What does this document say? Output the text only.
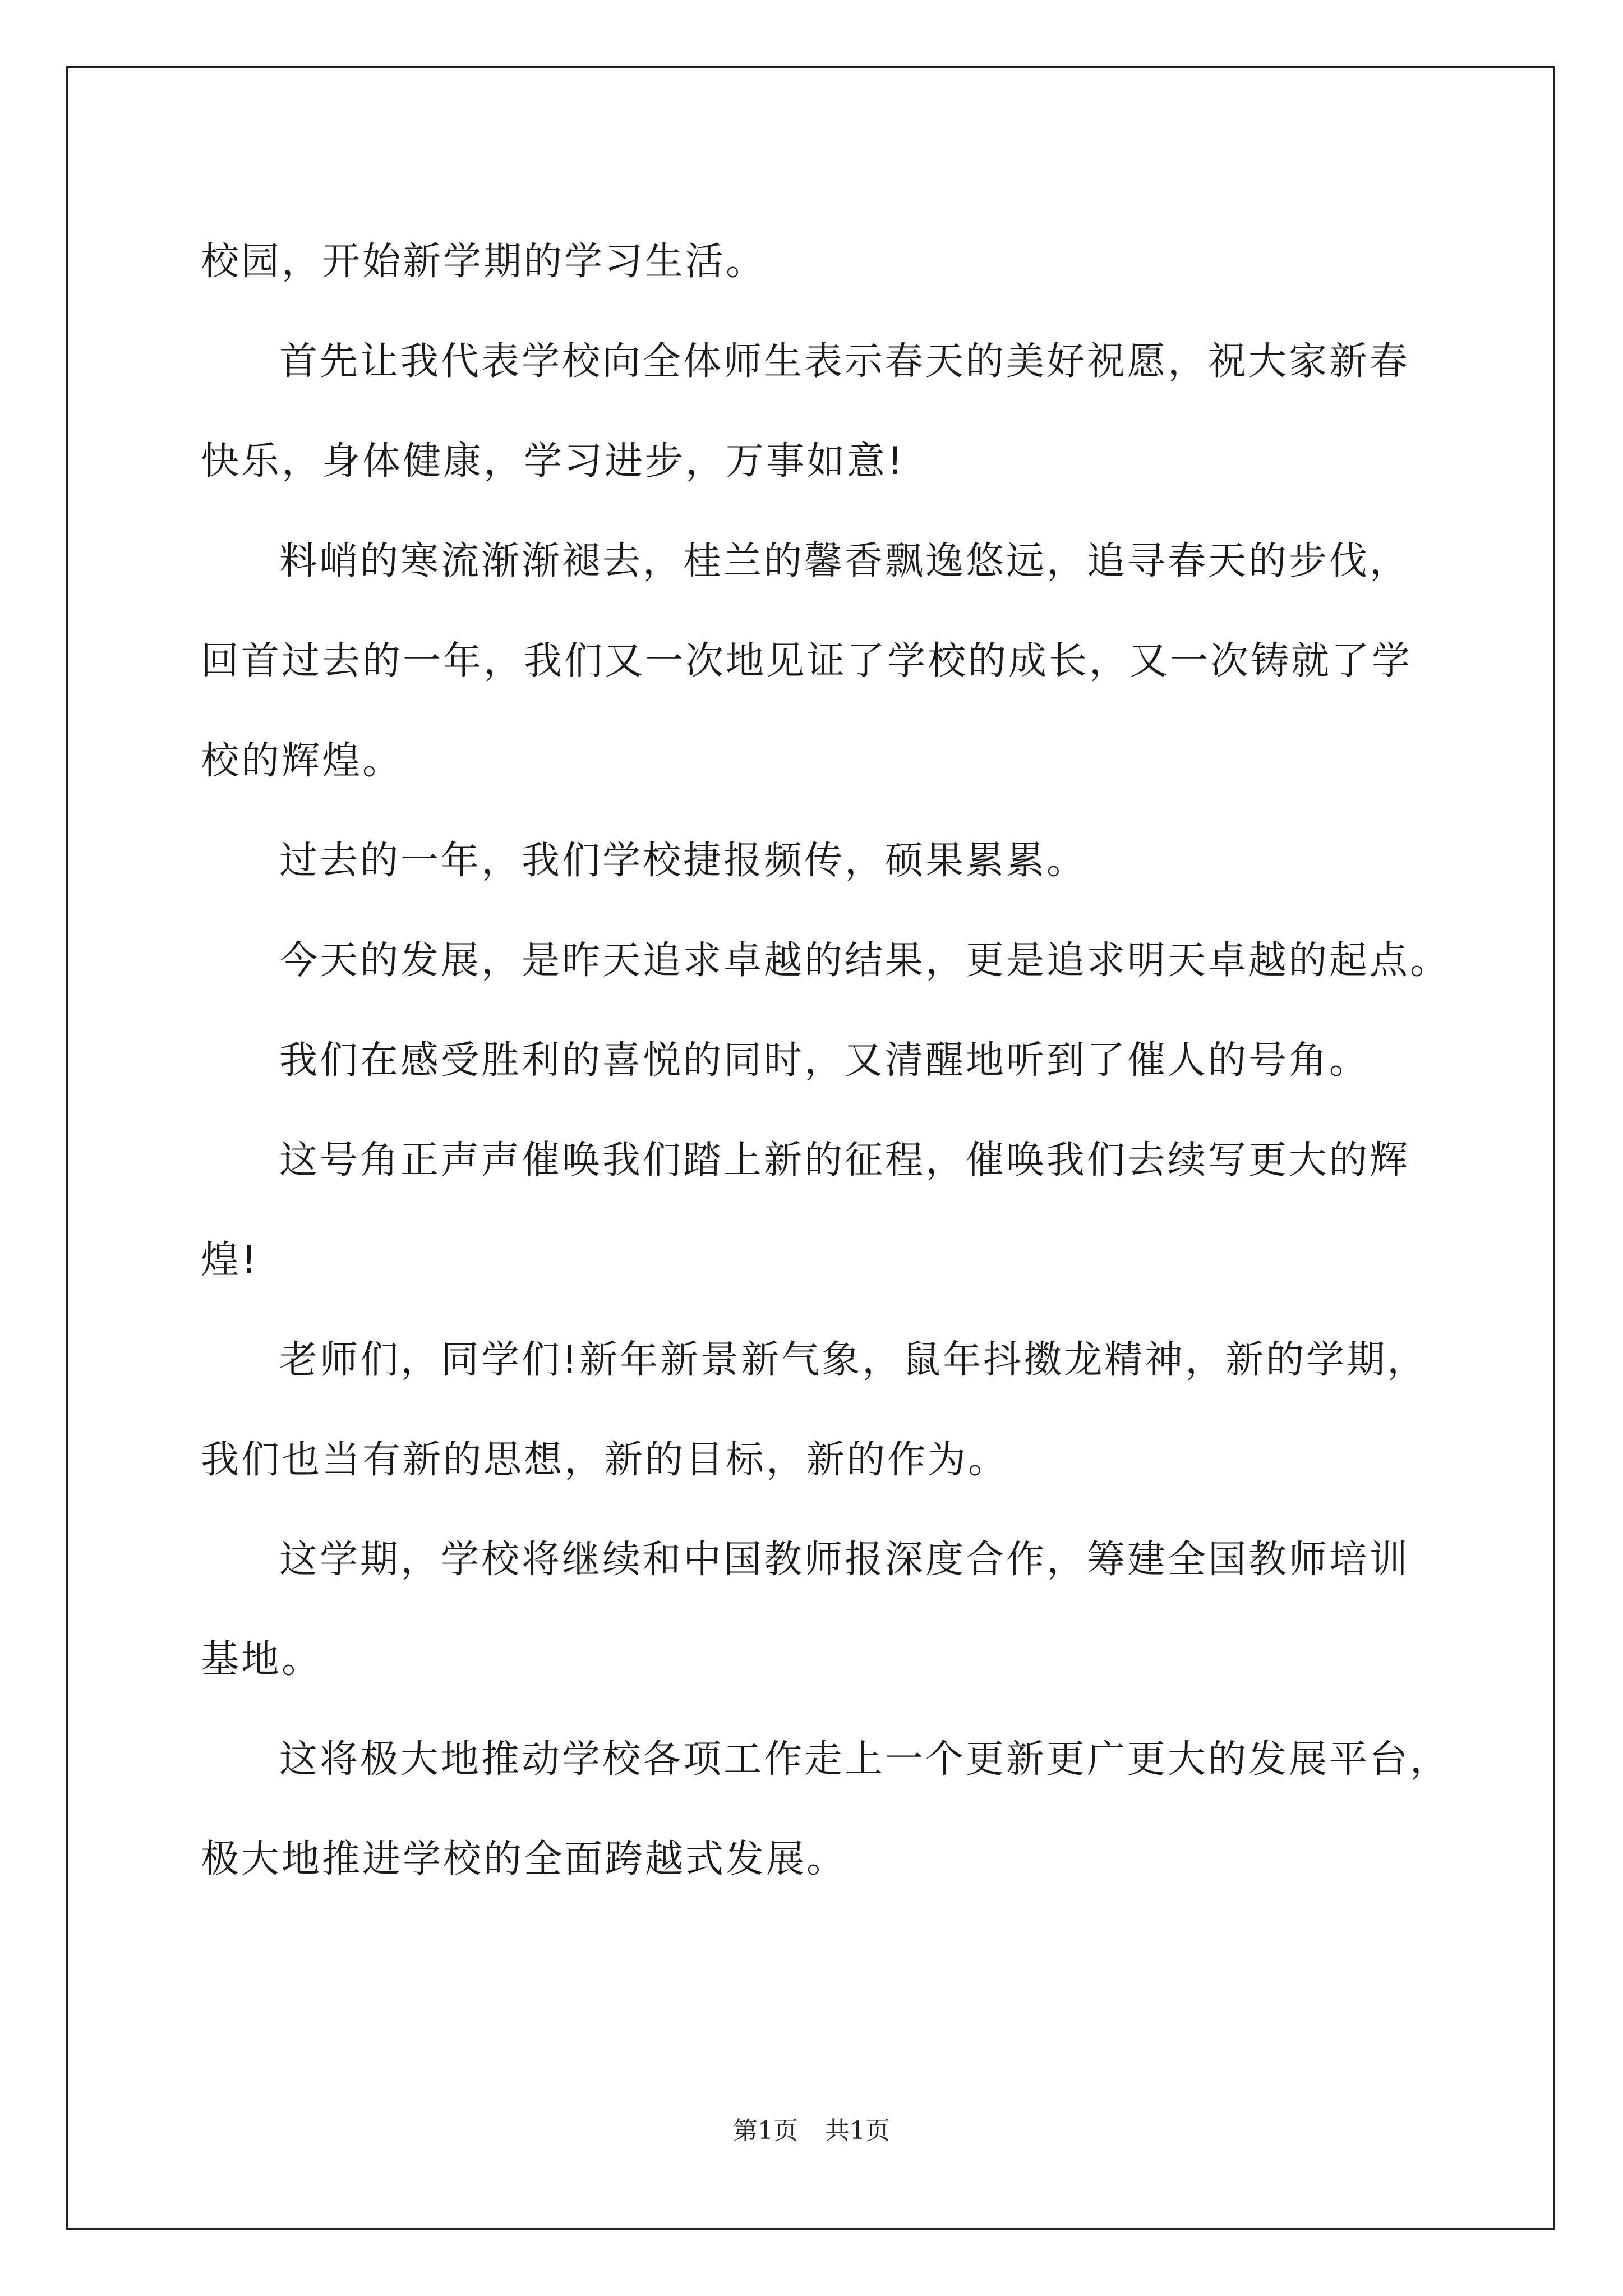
校园，开始新学期的学习生活。
首先让我代表学校向全体师生表示春天的美好祝愿，祝大家新春
快乐，身体健康，学习进步，万事如意!
料峭的寒流渐渐褪去，桂兰的馨香飘逸悠远，追寻春天的步伐，
回首过去的一年，我们又一次地见证了学校的成长，又一次铸就了学
校的辉煌。
过去的一年，我们学校捷报频传，硕果累累。
今天的发展，是昨天追求卓越的结果，更是追求明天卓越的起点。
我们在感受胜利的喜悦的同时，又清醒地听到了催人的号角。
这号角正声声催唤我们踏上新的征程，催唤我们去续写更大的辉
煌!
老师们，同学们!新年新景新气象，鼠年抖擞龙精神，新的学期，
我们也当有新的思想，新的目标，新的作为。
这学期，学校将继续和中国教师报深度合作，筹建全国教师培训
基地。
这将极大地推动学校各项工作走上一个更新更广更大的发展平台，
极大地推进学校的全面跨越式发展。
第1页 共1页
